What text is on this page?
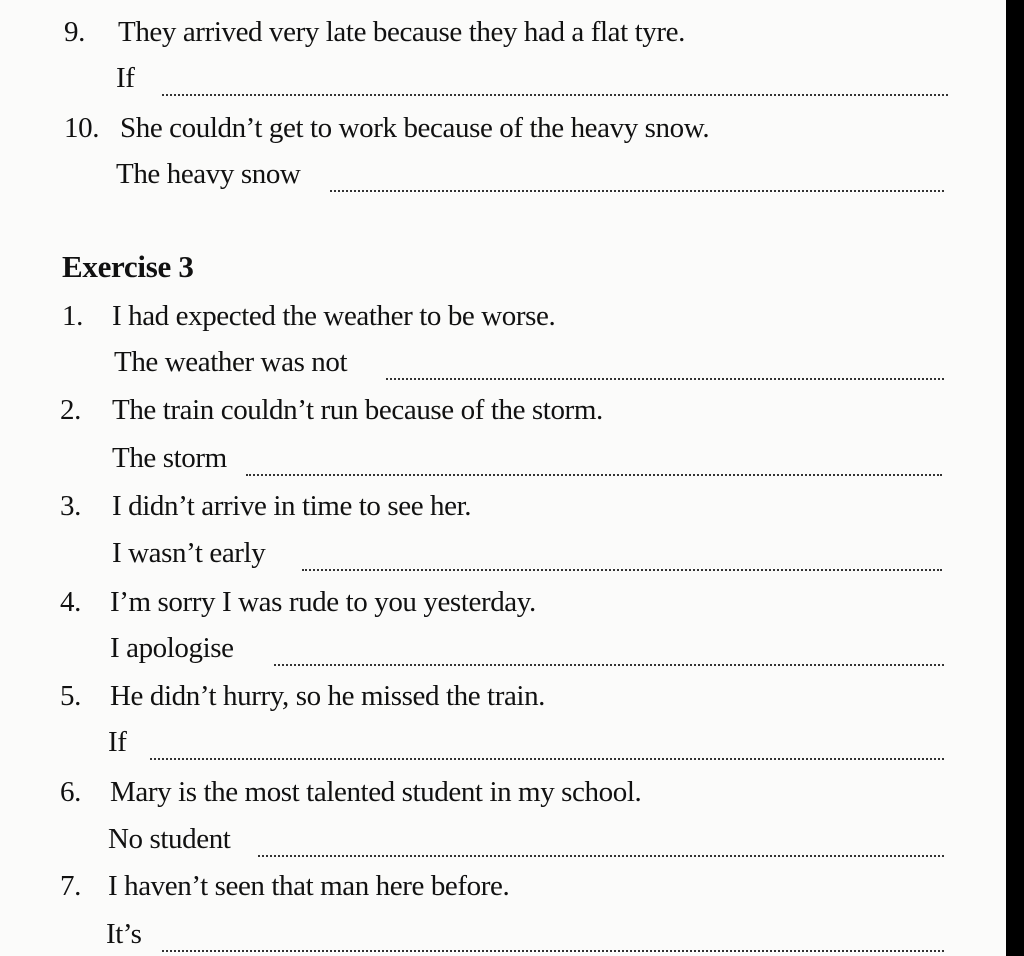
9. They arrived very late because they had a flat tyre.
If
10. She couldn’t get to work because of the heavy snow.
The heavy snow
Exercise 3
1. I had expected the weather to be worse.
The weather was not
2. The train couldn’t run because of the storm.
The storm
3. I didn’t arrive in time to see her.
I wasn’t early
4. I’m sorry I was rude to you yesterday.
I apologise
5. He didn’t hurry, so he missed the train.
If
6. Mary is the most talented student in my school.
No student
7. I haven’t seen that man here before.
It’s
